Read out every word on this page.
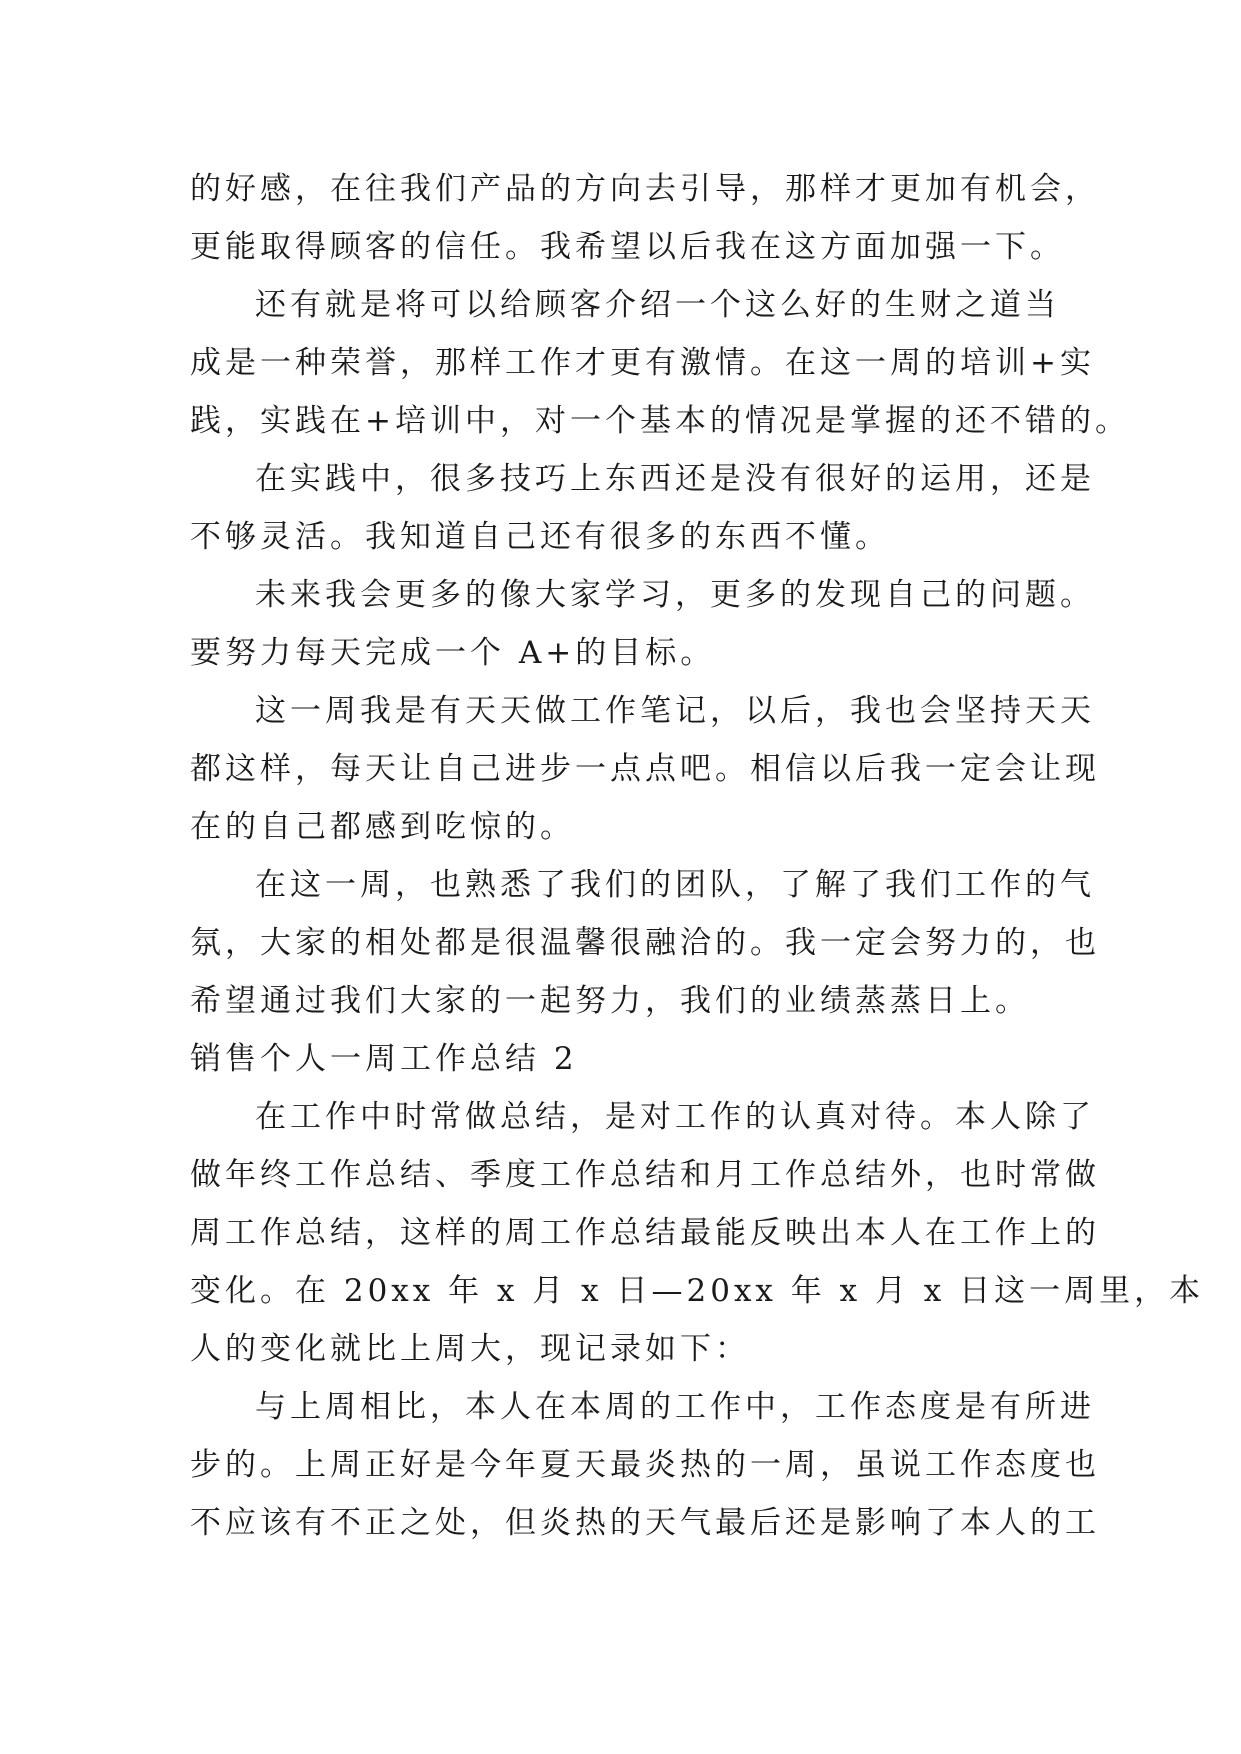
的好感，在往我们产品的方向去引导，那样才更加有机会，
更能取得顾客的信任。我希望以后我在这方面加强一下。
还有就是将可以给顾客介绍一个这么好的生财之道当
成是一种荣誉，那样工作才更有激情。在这一周的培训+实
践，实践在+培训中，对一个基本的情况是掌握的还不错的。
在实践中，很多技巧上东西还是没有很好的运用，还是
不够灵活。我知道自己还有很多的东西不懂。
未来我会更多的像大家学习，更多的发现自己的问题。
要努力每天完成一个 A+的目标。
这一周我是有天天做工作笔记，以后，我也会坚持天天
都这样，每天让自己进步一点点吧。相信以后我一定会让现
在的自己都感到吃惊的。
在这一周，也熟悉了我们的团队，了解了我们工作的气
氛，大家的相处都是很温馨很融洽的。我一定会努力的，也
希望通过我们大家的一起努力，我们的业绩蒸蒸日上。
销售个人一周工作总结 2
在工作中时常做总结，是对工作的认真对待。本人除了
做年终工作总结、季度工作总结和月工作总结外，也时常做
周工作总结，这样的周工作总结最能反映出本人在工作上的
变化。在 20xx 年 x 月 x 日—20xx 年 x 月 x 日这一周里，本
人的变化就比上周大，现记录如下：
与上周相比，本人在本周的工作中，工作态度是有所进
步的。上周正好是今年夏天最炎热的一周，虽说工作态度也
不应该有不正之处，但炎热的天气最后还是影响了本人的工
